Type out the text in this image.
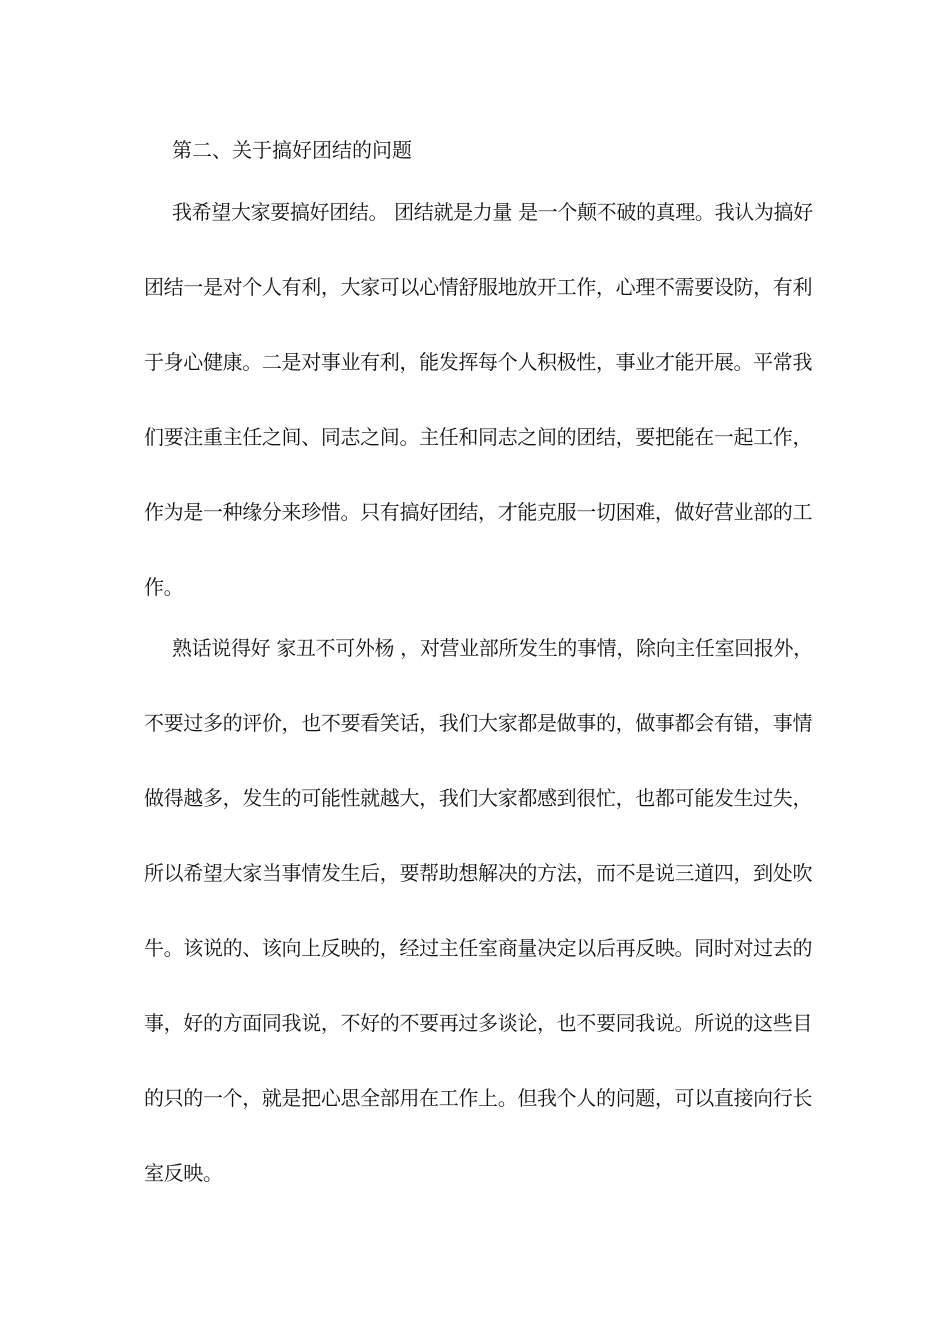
第二、关于搞好团结的问题
我希望大家要搞好团结。 团结就是力量 是一个颠不破的真理。我认为搞好
团结一是对个人有利，大家可以心情舒服地放开工作，心理不需要设防，有利
于身心健康。二是对事业有利，能发挥每个人积极性，事业才能开展。平常我
们要注重主任之间、同志之间。主任和同志之间的团结，要把能在一起工作，
作为是一种缘分来珍惜。只有搞好团结，才能克服一切困难，做好营业部的工
作。
熟话说得好 家丑不可外杨 ，对营业部所发生的事情，除向主任室回报外，
不要过多的评价，也不要看笑话，我们大家都是做事的，做事都会有错，事情
做得越多，发生的可能性就越大，我们大家都感到很忙，也都可能发生过失，
所以希望大家当事情发生后，要帮助想解决的方法，而不是说三道四，到处吹
牛。该说的、该向上反映的，经过主任室商量决定以后再反映。同时对过去的
事，好的方面同我说，不好的不要再过多谈论，也不要同我说。所说的这些目
的只的一个，就是把心思全部用在工作上。但我个人的问题，可以直接向行长
室反映。
